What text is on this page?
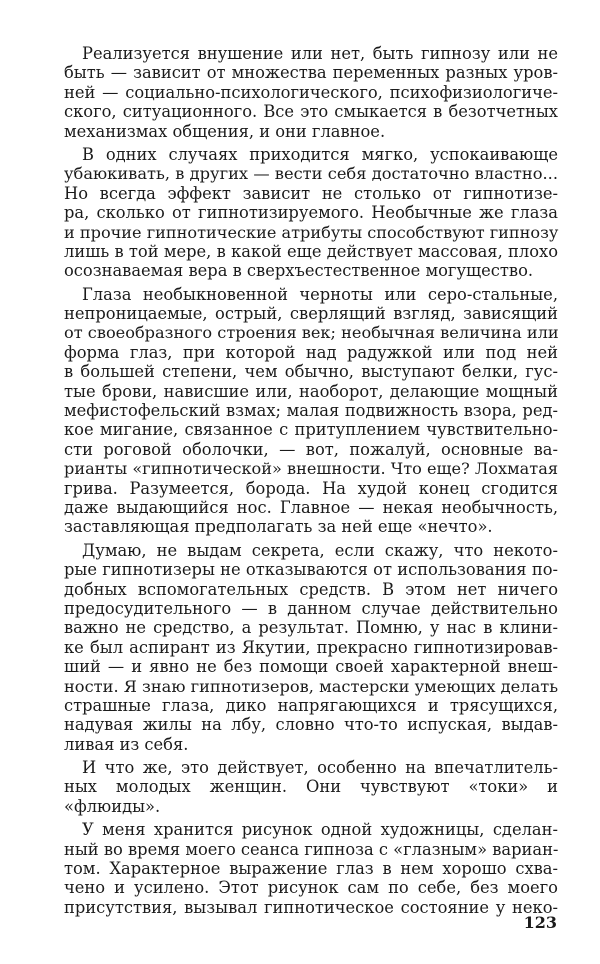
Реализуется внушение или нет, быть гипнозу или не
быть — зависит от множества переменных разных уров-
ней — социально-психологического, психофизиологиче-
ского, ситуационного. Все это смыкается в безотчетных
механизмах общения, и они главное.
В одних случаях приходится мягко, успокаивающе
убаюкивать, в других — вести себя достаточно властно...
Но всегда эффект зависит не столько от гипнотизе-
ра, сколько от гипнотизируемого. Необычные же глаза
и прочие гипнотические атрибуты способствуют гипнозу
лишь в той мере, в какой еще действует массовая, плохо
осознаваемая вера в сверхъестественное могущество.
Глаза необыкновенной черноты или серо-стальные,
непроницаемые, острый, сверлящий взгляд, зависящий
от своеобразного строения век; необычная величина или
форма глаз, при которой над радужкой или под ней
в большей степени, чем обычно, выступают белки, гус-
тые брови, нависшие или, наоборот, делающие мощный
мефистофельский взмах; малая подвижность взора, ред-
кое мигание, связанное с притуплением чувствительно-
сти роговой оболочки, — вот, пожалуй, основные ва-
рианты «гипнотической» внешности. Что еще? Лохматая
грива. Разумеется, борода. На худой конец сгодится
даже выдающийся нос. Главное — некая необычность,
заставляющая предполагать за ней еще «нечто».
Думаю, не выдам секрета, если скажу, что некото-
рые гипнотизеры не отказываются от использования по-
добных вспомогательных средств. В этом нет ничего
предосудительного — в данном случае действительно
важно не средство, а результат. Помню, у нас в клини-
ке был аспирант из Якутии, прекрасно гипнотизировав-
ший — и явно не без помощи своей характерной внеш-
ности. Я знаю гипнотизеров, мастерски умеющих делать
страшные глаза, дико напрягающихся и трясущихся,
надувая жилы на лбу, словно что-то испуская, выдав-
ливая из себя.
И что же, это действует, особенно на впечатлитель-
ных молодых женщин. Они чувствуют «токи» и
«флюиды».
У меня хранится рисунок одной художницы, сделан-
ный во время моего сеанса гипноза с «глазным» вариан-
том. Характерное выражение глаз в нем хорошо схва-
чено и усилено. Этот рисунок сам по себе, без моего
присутствия, вызывал гипнотическое состояние у неко-
123
